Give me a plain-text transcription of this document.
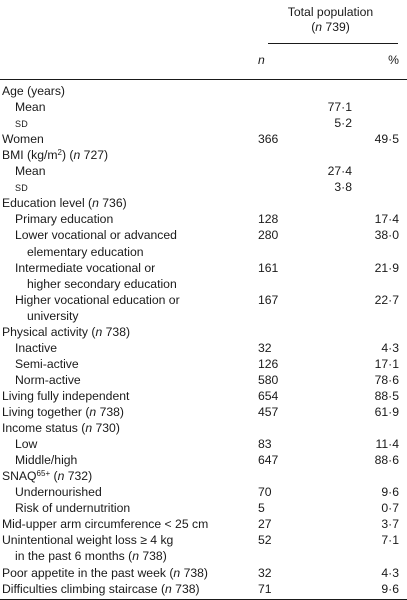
Total population
(n 739)
n	%
Age (years)
Mean	77·1
sd	5·2
Women	366	49·5
BMI $(kg/m^2)$ (n 727)
Mean	27·4
sd	3·8
Education level (n 736)
Primary education	128	17·4
Lower vocational or advanced	280	38·0
elementary education
Intermediate vocational or	161	21·9
higher secondary education
Higher vocational education or	167	22·7
university
Physical activity (n 738)
Inactive	32	4·3
Semi-active	126	17·1
Norm-active	580	78·6
Living fully independent	654	88·5
Living together (n 738)	457	61·9
Income status (n 730)
Low	83	11·4
Middle/high	647	88·6
$SNAQ^{65+}$ (n 732)
Undernourished	70	9·6
Risk of undernutrition	5	0·7
Mid-upper arm circumference < 25 cm	27	3·7
Unintentional weight loss ≥ 4 kg	52	7·1
in the past 6 months (n 738)
Poor appetite in the past week (n 738)	32	4·3
Difficulties climbing staircase (n 738)	71	9·6
